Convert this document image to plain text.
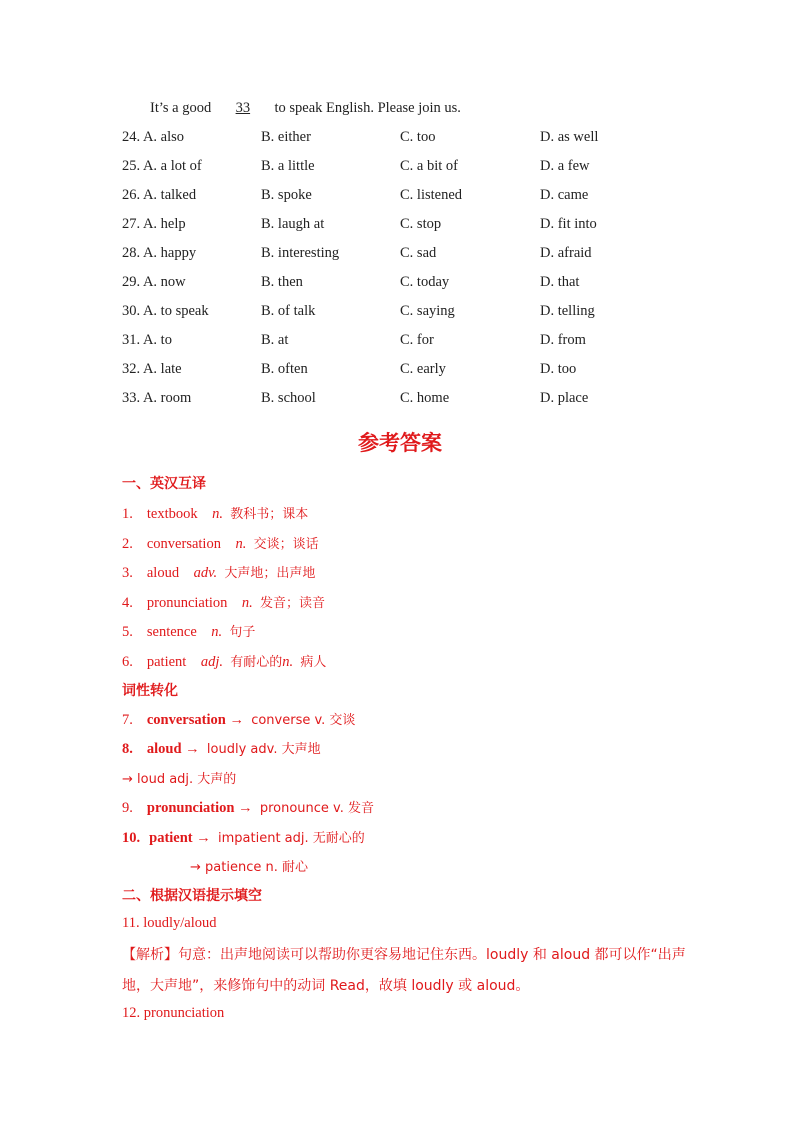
It’s a good 33 to speak English. Please join us.
24. A. also	B. either	C. too	D. as well
25. A. a lot of	B. a little	C. a bit of	D. a few
26. A. talked	B. spoke	C. listened	D. came
27. A. help	B. laugh at	C. stop	D. fit into
28. A. happy	B. interesting	C. sad	D. afraid
29. A. now	B. then	C. today	D. that
30. A. to speak	B. of talk	C. saying	D. telling
31. A. to	B. at	C. for	D. from
32. A. late	B. often	C. early	D. too
33. A. room	B. school	C. home	D. place
参考答案
一、英汉互译
1. textbook n. 教科书；课本
2. conversation n. 交谈；谈话
3. aloud adv. 大声地；出声地
4. pronunciation n. 发音；读音
5. sentence n. 句子
6. patient adj. 有耐心的n. 病人
词性转化
7. conversation → converse v. 交谈
8. aloud → loudly adv. 大声地
→ loud adj. 大声的
9. pronunciation → pronounce v. 发音
10. patient → impatient adj. 无耐心的
→ patience n. 耐心
二、根据汉语提示填空
11. loudly/aloud
【解析】句意：出声地阅读可以帮助你更容易地记住东西。loudly 和 aloud 都可以作“出声
地，大声地”，来修饰句中的动词 Read，故填 loudly 或 aloud。
12. pronunciation
